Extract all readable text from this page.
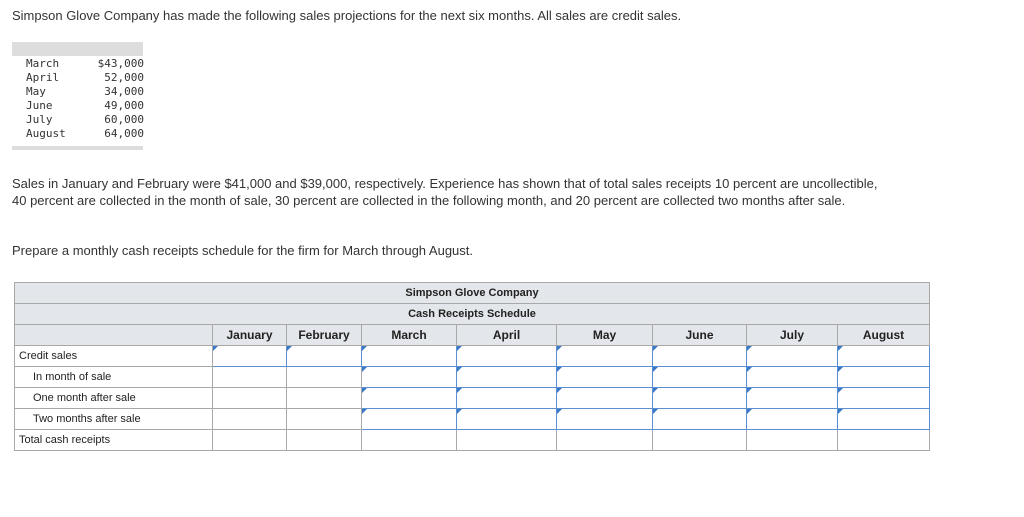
Simpson Glove Company has made the following sales projections for the next six months. All sales are credit sales.
March	$43,000
April	52,000
May	34,000
June	49,000
July	60,000
August	64,000
Sales in January and February were $41,000 and $39,000, respectively. Experience has shown that of total sales receipts 10 percent are uncollectible, 40 percent are collected in the month of sale, 30 percent are collected in the following month, and 20 percent are collected two months after sale.
Prepare a monthly cash receipts schedule for the firm for March through August.
Simpson Glove Company								
Cash Receipts Schedule								
	January	February	March	April	May	June	July	August
Credit sales	

In month of sale			

One month after sale			

Two months after sale			

Total cash receipts								
